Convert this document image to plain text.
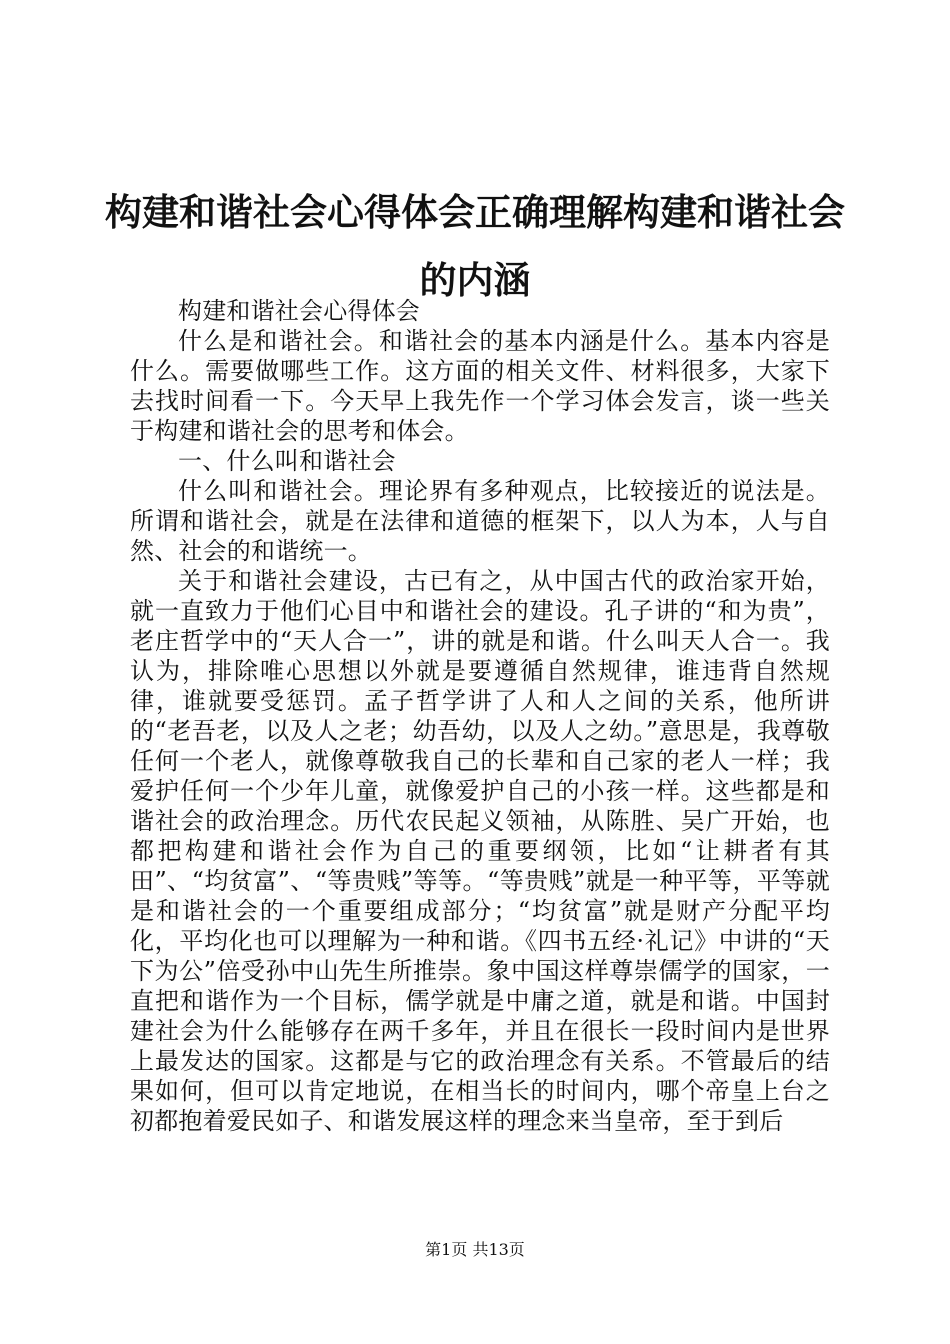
构建和谐社会心得体会正确理解构建和谐社会的内涵

构建和谐社会心得体会

什么是和谐社会。和谐社会的基本内涵是什么。基本内容是什么。需要做哪些工作。这方面的相关文件、材料很多，大家下去找时间看一下。今天早上我先作一个学习体会发言，谈一些关于构建和谐社会的思考和体会。

一、什么叫和谐社会

什么叫和谐社会。理论界有多种观点，比较接近的说法是。所谓和谐社会，就是在法律和道德的框架下，以人为本，人与自然、社会的和谐统一。

关于和谐社会建设，古已有之，从中国古代的政治家开始，就一直致力于他们心目中和谐社会的建设。孔子讲的“和为贵”，老庄哲学中的“天人合一”，讲的就是和谐。什么叫天人合一。我认为，排除唯心思想以外就是要遵循自然规律，谁违背自然规律，谁就要受惩罚。孟子哲学讲了人和人之间的关系，他所讲的“老吾老，以及人之老；幼吾幼，以及人之幼。”意思是，我尊敬任何一个老人，就像尊敬我自己的长辈和自己家的老人一样；我爱护任何一个少年儿童，就像爱护自己的小孩一样。这些都是和谐社会的政治理念。历代农民起义领袖，从陈胜、吴广开始，也都把构建和谐社会作为自己的重要纲领，比如“让耕者有其田”、“均贫富”、“等贵贱”等等。“等贵贱”就是一种平等，平等就是和谐社会的一个重要组成部分；“均贫富”就是财产分配平均化，平均化也可以理解为一种和谐。《四书五经·礼记》中讲的“天下为公”倍受孙中山先生所推崇。象中国这样尊崇儒学的国家，一直把和谐作为一个目标，儒学就是中庸之道，就是和谐。中国封建社会为什么能够存在两千多年，并且在很长一段时间内是世界上最发达的国家。这都是与它的政治理念有关系。不管最后的结果如何，但可以肯定地说，在相当长的时间内，哪个帝皇上台之初都抱着爱民如子、和谐发展这样的理念来当皇帝，至于到后

第1页 共13页
